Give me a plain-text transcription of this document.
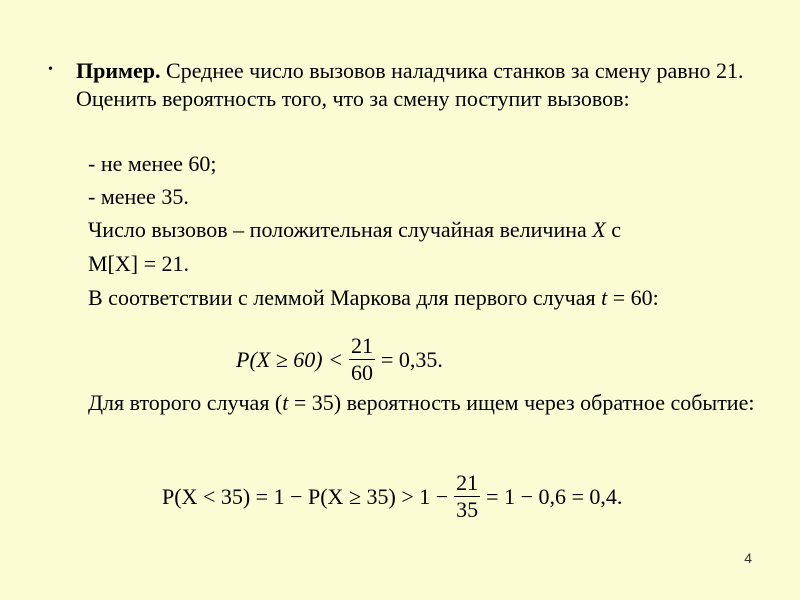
• Пример. Среднее число вызовов наладчика станков за смену равно 21. Оценить вероятность того, что за смену поступит вызовов:
- не менее 60;
- менее 35.
Число вызовов – положительная случайная величина X с
M[X] = 21.
В соответствии с леммой Маркова для первого случая t = 60:
$P(X \ge 60) < \frac{21}{60} = 0,35$.
Для второго случая (t = 35) вероятность ищем через обратное событие:
$P(X < 35) = 1 - P(X \ge 35) > 1 - \frac{21}{35} = 1 - 0,6 = 0,4$.
4
